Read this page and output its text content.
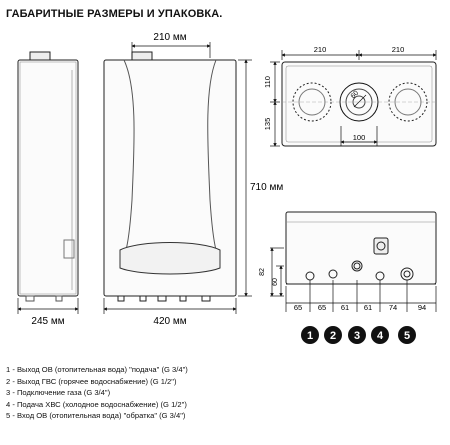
ГАБАРИТНЫЕ РАЗМЕРЫ И УПАКОВКА.
245 мм
210 мм
710 мм
420 мм
210	210
110
135
100
60
82
60
65 65 61 61 74	94
1 2 3 4 5
1 - Выход ОВ (отопительная вода) "подача" (G 3/4")
2 - Выход ГВС (горячее водоснабжение) (G 1/2")
3 - Подключение газа (G 3/4")
4 - Подача ХВС (холодное водоснабжение) (G 1/2")
5 - Вход ОВ (отопительная вода) "обратка" (G 3/4")
